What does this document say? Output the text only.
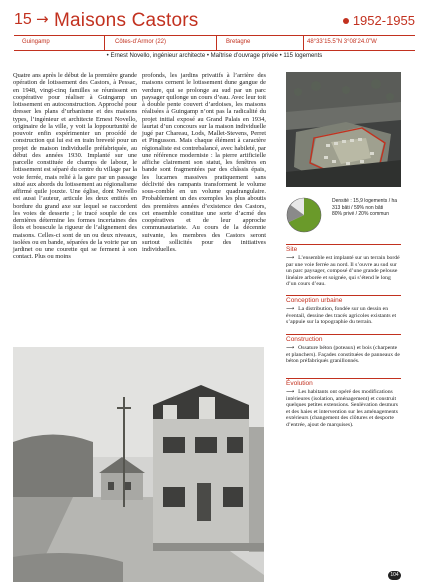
15 → Maisons Castors	1952-1955
Guingamp	Côtes-d’Armor (22)	Bretagne	48°33’15.5”N 3°08’24.0”W
• Ernest Novello, ingénieur architecte • Maîtrise d’ouvrage privée • 115 logements
Quatre ans après le début de la première grande opération de lotissement des Castors, à Pessac, en 1948, vingt-cinq familles se réunissent en coopérative pour réaliser à Guingamp un lotissement en autoconstruction. Approché pour dresser les plans d’urbanisme et des maisons types, l’ingénieur et architecte Ernest Novello, originaire de la ville, y voit la loppourtunité de pouvoir enfin expérimenter un procédé de construction qui lui est en train breveté pour un projet de maison individuelle préfabriquée, au début des années 1930. Implanté sur une parcelle constituée de champs de labour, le lotissement est séparé du centre du village par la voie ferrée, mais relié à la gare par un passage situé aux abords du lotissement au régionalisme affirmé quile jouxte. Une église, dont Novello est aussi l’auteur, articule les deux entités en bordure du grand axe sur lequel se raccordent les voies de desserte ; le tracé souple de ces dernières détermine les formes incertaines des îlots et bouscule la rigueur de l’alignement des maisons. Celles-ci sont de un ou deux niveaux, isolées ou en bande, séparées de la voirie par un jardinet ou une courette qui se ferment à son contact. Plus ou moins
profonds, les jardins privatifs à l’arrière des maisons cernent le lotissement dune gangue de verdure, qui se prolonge au sud par un parc paysager quilonge un cours d’eau. Avec leur toit à double pente couvert d’ardoises, les maisons réalisées à Guingamp n’ont pas la radicalité du projet initial exposé au Grand Palais en 1934, laurtat d’un concours sur la maison individuelle jugé par Chareau, Lods, Mallet-Stevens, Perret et Pingusson. Mais chaque élément à caractère régionaliste est contrebalancé, avec habileté, par une référence moderniste : la pierre artificielle affiche clairement son statut, les fenêtres en bande sont fragmentées par des châssis épais, les lucarnes massives pratiquement sans déclivité des rampants transforment le volume sous-comble en un volume quadrangulaire. Probablement un des exemples les plus aboutis des premières années d’existence des Castors, cet ensemble constitue une sorte d’acmé des coopératives et de leur approche communautariste. Au cours de la décennie suivante, les membres des Castors seront surtout sollicités pour des initiatives individuelles.
Densité : 15,9 logements / ha
313 bâti / 59% non bâti
80% privé / 20% commun
Site
⟶ L’ensemble est implanté sur un terrain bordé par une voie ferrée au nord. Il s’ouvre au sud sur un parc paysager, composé d’une grande pelouse linéaire arborée et soignée, qui s’étend le long d’un cours d’eau.
Conception urbaine
⟶ La distribution, fondée sur un dessin en éventail, dessine des tracés agricoles existants et s’appuie sur la topographie du terrain.
Construction
⟶ Ossature béton (poteaux) et bois (charpente et planchers). Façades constituées de panneaux de béton préfabriqués granillonnés.
Évolution
⟶ Les habitants ont opéré des modifications intérieures (isolation, aménagement) et construit quelques petites extensions. Senlèvation desmurs et des haies et intervention sur les aménagements extérieurs (changement des clôtures et desporte d’entrée, ajout de marquises).
104
